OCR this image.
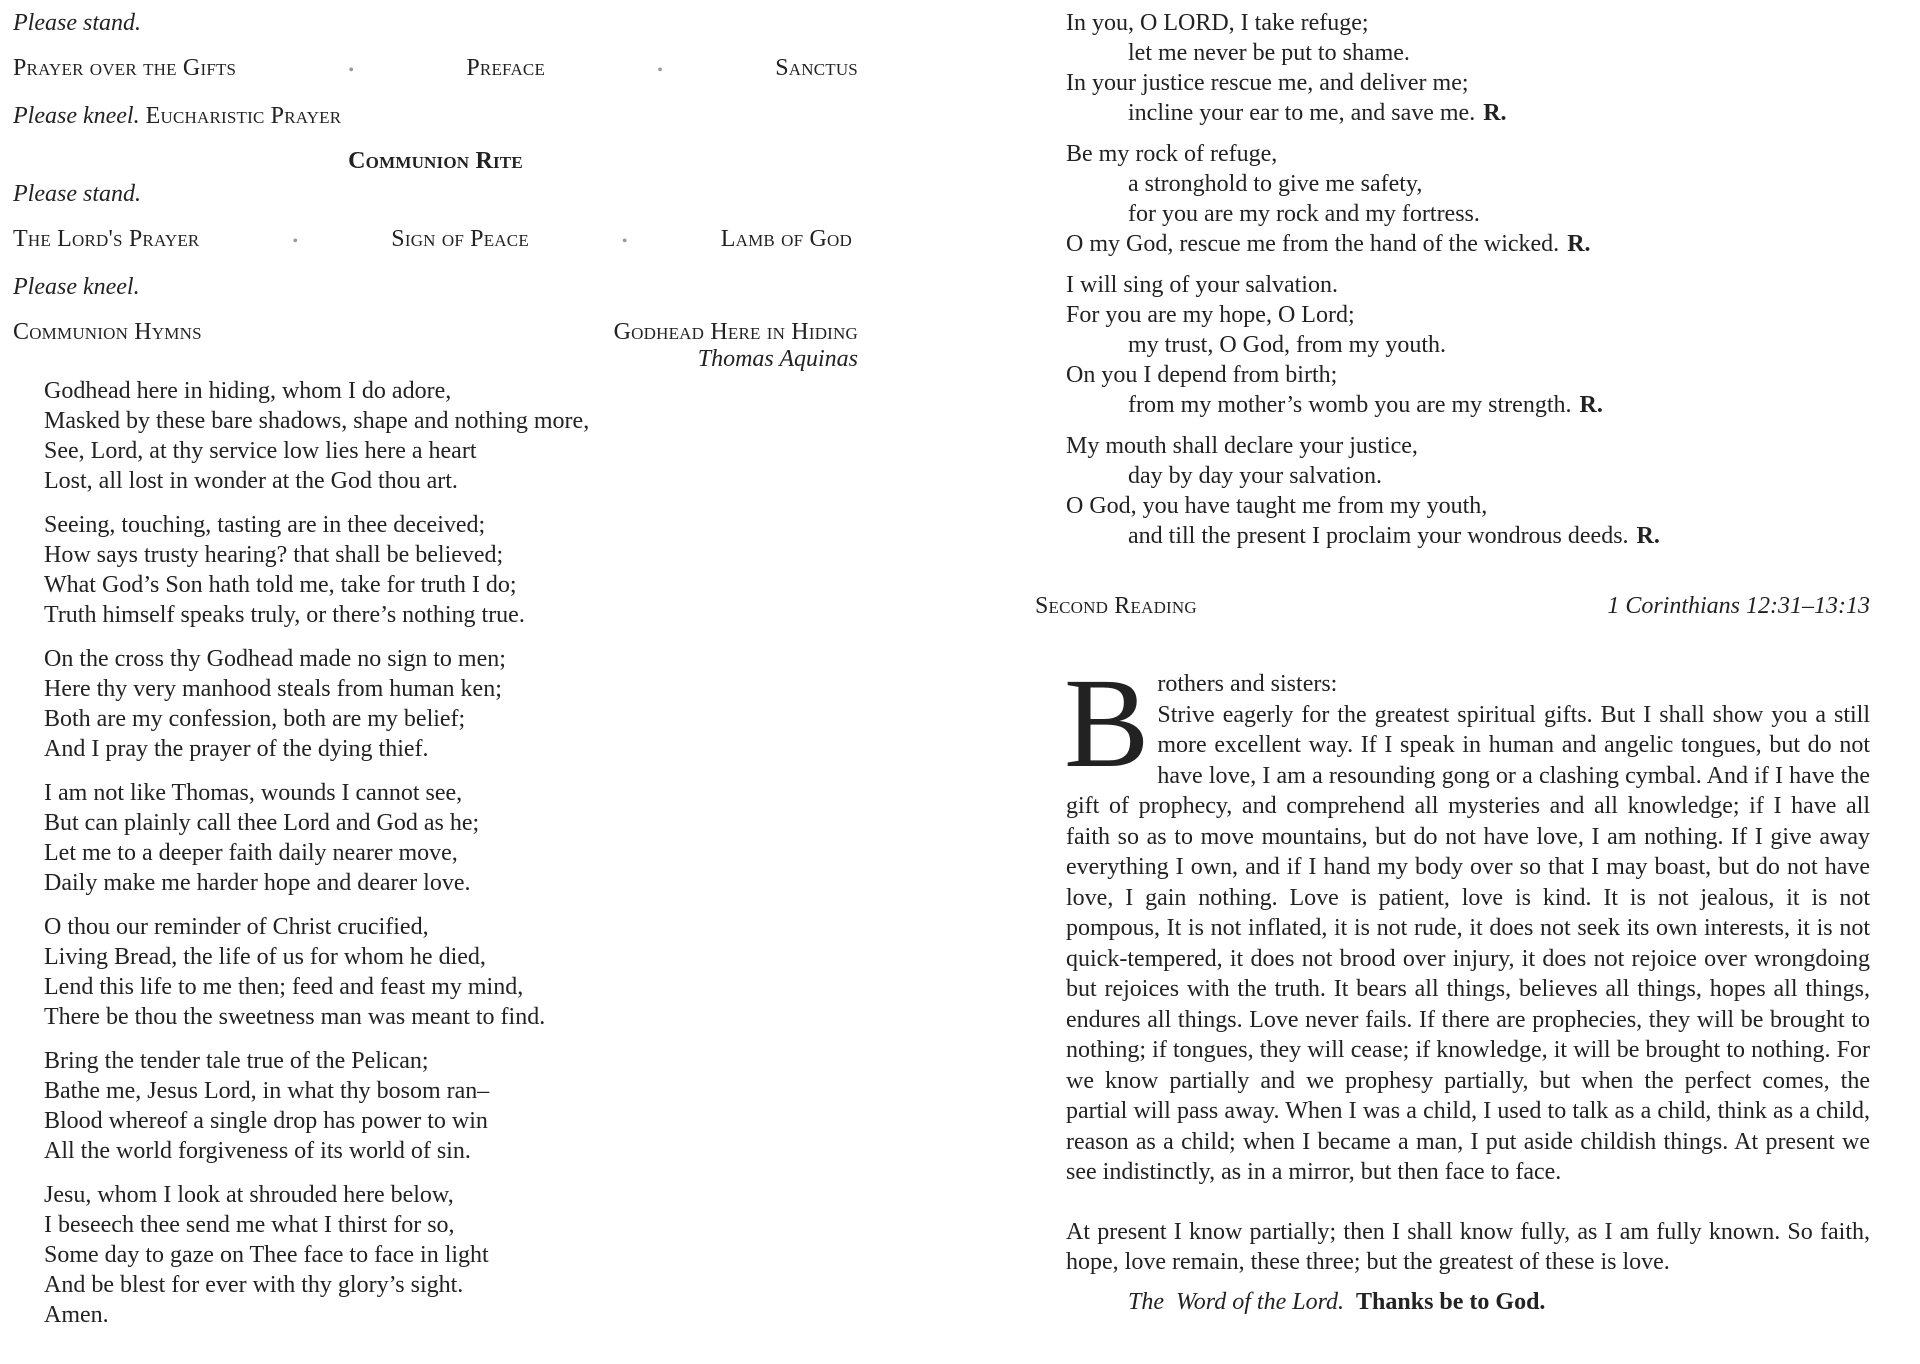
Please stand.
Prayer over the Gifts	•	Preface	•	Sanctus
Please kneel. Eucharistic Prayer
Communion Rite
Please stand.
The Lord's Prayer	•	Sign of Peace	•	Lamb of God
Please kneel.
Communion Hymns	Godhead Here in Hiding
Thomas Aquinas
Godhead here in hiding, whom I do adore,
Masked by these bare shadows, shape and nothing more,
See, Lord, at thy service low lies here a heart
Lost, all lost in wonder at the God thou art.
Seeing, touching, tasting are in thee deceived;
How says trusty hearing? that shall be believed;
What God’s Son hath told me, take for truth I do;
Truth himself speaks truly, or there’s nothing true.
On the cross thy Godhead made no sign to men;
Here thy very manhood steals from human ken;
Both are my confession, both are my belief;
And I pray the prayer of the dying thief.
I am not like Thomas, wounds I cannot see,
But can plainly call thee Lord and God as he;
Let me to a deeper faith daily nearer move,
Daily make me harder hope and dearer love.
O thou our reminder of Christ crucified,
Living Bread, the life of us for whom he died,
Lend this life to me then; feed and feast my mind,
There be thou the sweetness man was meant to find.
Bring the tender tale true of the Pelican;
Bathe me, Jesus Lord, in what thy bosom ran–
Blood whereof a single drop has power to win
All the world forgiveness of its world of sin.
Jesu, whom I look at shrouded here below,
I beseech thee send me what I thirst for so,
Some day to gaze on Thee face to face in light
And be blest for ever with thy glory’s sight.
Amen.
In you, O LORD, I take refuge;
let me never be put to shame.
In your justice rescue me, and deliver me;
incline your ear to me, and save me. R.
Be my rock of refuge,
a stronghold to give me safety,
for you are my rock and my fortress.
O my God, rescue me from the hand of the wicked. R.
I will sing of your salvation.
For you are my hope, O Lord;
my trust, O God, from my youth.
On you I depend from birth;
from my mother’s womb you are my strength. R.
My mouth shall declare your justice,
day by day your salvation.
O God, you have taught me from my youth,
and till the present I proclaim your wondrous deeds. R.
Second Reading	1 Corinthians 12:31–13:13
B rothers and sisters:

Strive eagerly for the greatest spiritual gifts. But I shall show you a still more excellent way. If I speak in human and angelic tongues, but do not have love, I am a resounding gong or a clashing cymbal. And if I have the gift of prophecy, and comprehend all mysteries and all knowledge; if I have all faith so as to move mountains, but do not have love, I am nothing. If I give away everything I own, and if I hand my body over so that I may boast, but do not have love, I gain nothing. Love is patient, love is kind. It is not jealous, it is not pompous, It is not inflated, it is not rude, it does not seek its own interests, it is not quick-tempered, it does not brood over injury, it does not rejoice over wrongdoing but rejoices with the truth. It bears all things, believes all things, hopes all things, endures all things. Love never fails. If there are prophecies, they will be brought to nothing; if tongues, they will cease; if knowledge, it will be brought to nothing. For we know partially and we prophesy partially, but when the perfect comes, the partial will pass away. When I was a child, I used to talk as a child, think as a child, reason as a child; when I became a man, I put aside childish things. At present we see indistinctly, as in a mirror, but then face to face.

At present I know partially; then I shall know fully, as I am fully known. So faith, hope, love remain, these three; but the greatest of these is love.

The  Word of the Lord. Thanks be to God.
